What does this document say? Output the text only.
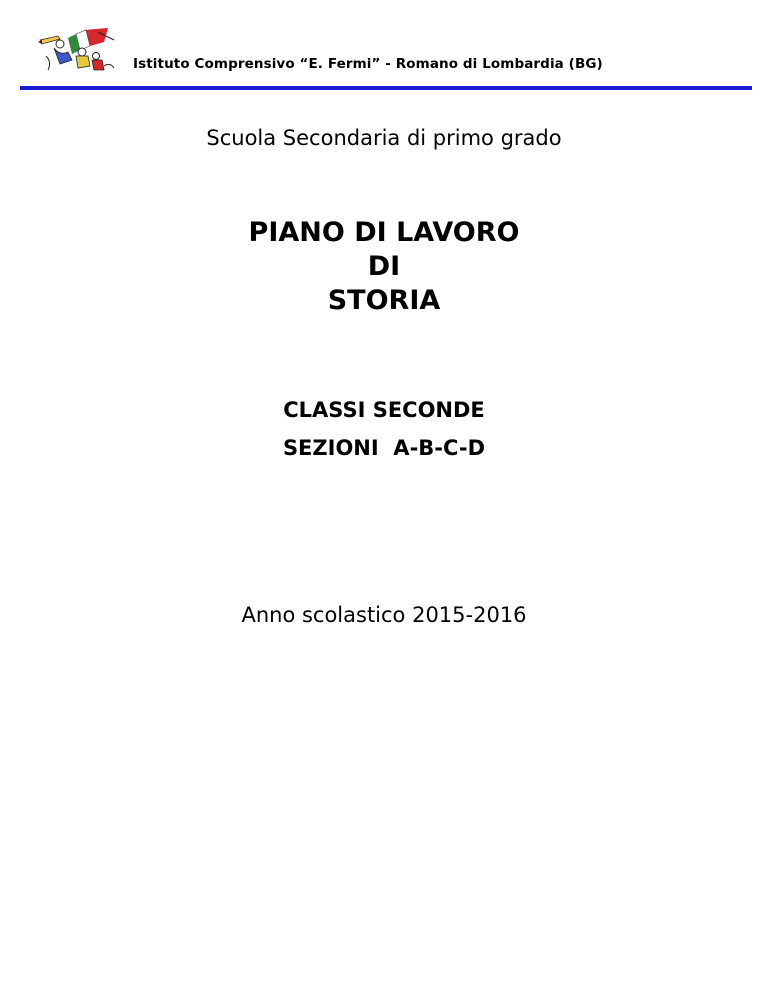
Istituto Comprensivo “E. Fermi” - Romano di Lombardia (BG)
Scuola Secondaria di primo grado
PIANO DI LAVORO
DI
STORIA
CLASSI SECONDE
SEZIONI  A-B-C-D
Anno scolastico 2015-2016
